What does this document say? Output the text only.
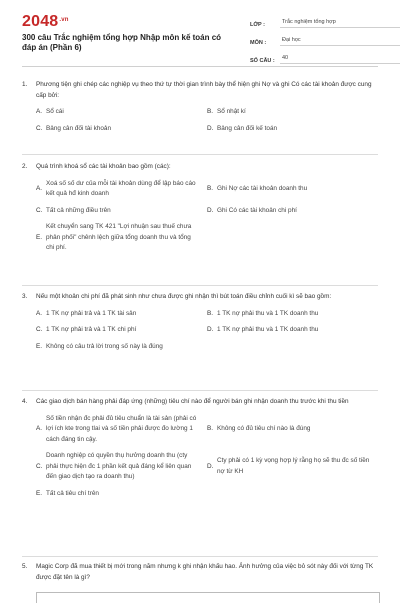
$2048^{.vn}$
300 câu Trắc nghiệm tổng hợp Nhập môn kế toán có đáp án (Phần 6)
LỚP :	Trắc nghiệm tổng hợp
MÔN :	Đại học
SỐ CÂU :	40
1.	Phương tiện ghi chép các nghiệp vụ theo thứ tự thời gian trình bày thể hiện ghi Nợ và ghi Có các tài khoản được cung cấp bởi:
A. Sổ cái	B. Sổ nhật kí
C. Bảng cân đối tài khoản	D. Bảng cân đối kế toán
2.	Quá trình khoá sổ các tài khoản bao gồm (các):
A.
Xoá số số dư của mỗi tài khoản dùng để lập báo cáo kết quả hđ kinh doanh
B. Ghi Nợ các tài khoản doanh thu
C. Tất cả những điều trên	D. Ghi Có các tài khoản chi phí
E.
Kết chuyển sang TK 421 "Lợi nhuận sau thuế chưa phân phối" chênh lệch giữa tổng doanh thu và tổng chi phí.
3.	Nếu một khoản chi phí đã phát sinh như chưa được ghi nhận thì bút toán điều chỉnh cuối kì sẽ bao gồm:
A. 1 TK nợ phải trả và 1 TK tài sản	B. 1 TK nợ phải thu và 1 TK doanh thu
C. 1 TK nợ phải trả và 1 TK chi phí	D. 1 TK nợ phải thu và 1 TK doanh thu
E. Không có câu trả lời trong số này là đúng
4.	Các giao dịch bán hàng phải đáp ứng (những) tiêu chí nào để người bán ghi nhận doanh thu trước khi thu tiền
A.
Số tiền nhận đc phải đủ tiêu chuẩn là tài sản (phải có lợi ích kte trong tlai và số tiền phải được đo lường 1 cách đáng tin cậy.
B. Không có đủ tiêu chí nào là đúng
C.
Doanh nghiệp có quyền thụ hưởng doanh thu (cty phải thực hiện đc 1 phần kết quả đáng kể liên quan đến giao dịch tạo ra doanh thu)
D.
Cty phải có 1 kỳ vọng hợp lý rằng họ sẽ thu đc số tiền nợ từ KH
E. Tất cả tiêu chí trên
5.	Magic Corp đã mua thiết bị mới trong năm nhưng k ghi nhận khấu hao. Ảnh hưởng của việc bỏ sót này đối với từng TK được đặt tên là gì?
